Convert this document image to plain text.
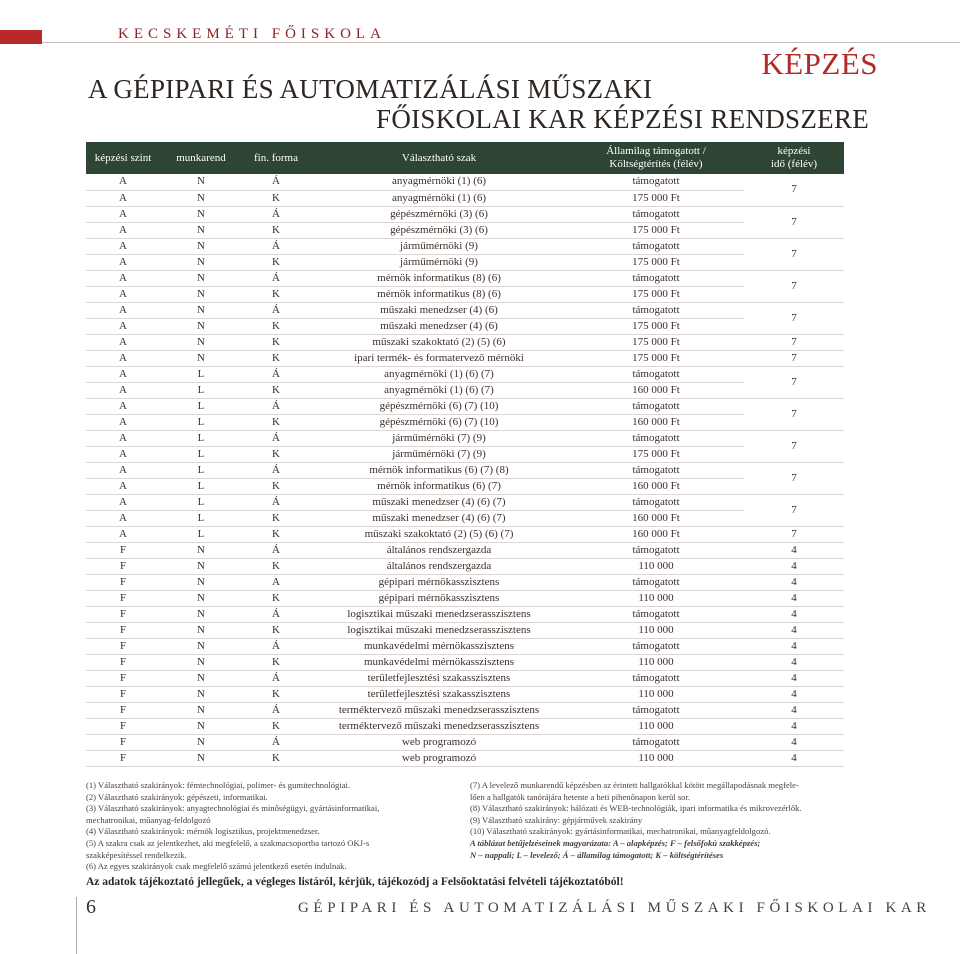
KECSKEMÉTI FŐISKOLA
KÉPZÉS
A GÉPIPARI ÉS AUTOMATIZÁLÁSI MŰSZAKI
FŐISKOLAI KAR KÉPZÉSI RENDSZERE
képzési szint	munkarend	fin. forma	Választható szak	Államilag támogatott /
Költségtérítés (félév)	képzési
idő (félév)
A	N	Á	anyagmérnöki (1) (6)	támogatott	7
A	N	K	anyagmérnöki (1) (6)	175 000 Ft	
A	N	Á	gépészmérnöki (3) (6)	támogatott	7
A	N	K	gépészmérnöki (3) (6)	175 000 Ft	
A	N	Á	járműmérnöki (9)	támogatott	7
A	N	K	járműmérnöki (9)	175 000 Ft	
A	N	Á	mérnök informatikus (8) (6)	támogatott	7
A	N	K	mérnök informatikus (8) (6)	175 000 Ft	
A	N	Á	műszaki menedzser (4) (6)	támogatott	7
A	N	K	műszaki menedzser (4) (6)	175 000 Ft	
A	N	K	műszaki szakoktató (2) (5) (6)	175 000 Ft	7
A	N	K	ipari termék- és formatervező mérnöki	175 000 Ft	7
A	L	Á	anyagmérnöki (1) (6) (7)	támogatott	7
A	L	K	anyagmérnöki (1) (6) (7)	160 000 Ft	
A	L	Á	gépészmérnöki (6) (7) (10)	támogatott	7
A	L	K	gépészmérnöki (6) (7) (10)	160 000 Ft	
A	L	Á	járműmérnöki (7) (9)	támogatott	7
A	L	K	járműmérnöki (7) (9)	175 000 Ft	
A	L	Á	mérnök informatikus (6) (7) (8)	támogatott	7
A	L	K	mérnök informatikus (6) (7)	160 000 Ft	
A	L	Á	műszaki menedzser (4) (6) (7)	támogatott	7
A	L	K	műszaki menedzser (4) (6) (7)	160 000 Ft	
A	L	K	műszaki szakoktató (2) (5) (6) (7)	160 000 Ft	7
F	N	Á	általános rendszergazda	támogatott	4
F	N	K	általános rendszergazda	110 000	4
F	N	A	gépipari mérnökasszisztens	támogatott	4
F	N	K	gépipari mérnökasszisztens	110 000	4
F	N	Á	logisztikai műszaki menedzserasszisztens	támogatott	4
F	N	K	logisztikai műszaki menedzserasszisztens	110 000	4
F	N	Á	munkavédelmi mérnökasszisztens	támogatott	4
F	N	K	munkavédelmi mérnökasszisztens	110 000	4
F	N	Á	területfejlesztési szakasszisztens	támogatott	4
F	N	K	területfejlesztési szakasszisztens	110 000	4
F	N	Á	terméktervező műszaki menedzserasszisztens	támogatott	4
F	N	K	terméktervező műszaki menedzserasszisztens	110 000	4
F	N	Á	web programozó	támogatott	4
F	N	K	web programozó	110 000	4
(1) Választható szakirányok: fémtechnológiai, polimer- és gumitechnológiai.
(2) Választható szakirányok: gépészeti, informatikai.
(3) Választható szakirányok: anyagtechnológiai és minőségügyi, gyártásinformatikai,
mechatronikai, műanyag-feldolgozó
(4) Választható szakirányok: mérnök logisztikus, projektmenedzser.
(5) A szakra csak az jelentkezhet, aki megfelelő, a szakmacsoportba tartozó OKJ-s
szakképesítéssel rendelkezik.
(6) Az egyes szakirányok csak megfelelő számú jelentkező esetén indulnak.
(7) A levelező munkarendű képzésben az érintett hallgatókkal kötött megállapodásnak megfele-
lően a hallgatók tanórájára hetente a heti pihenőnapon kerül sor.
(8) Választható szakirányok: hálózati és WEB-technológiák, ipari informatika és mikrovezérlők.
(9) Választható szakirány: gépjárművek szakirány
(10) Választható szakirányok: gyártásinformatikai, mechatronikai, műanyagfeldolgozó.
A táblázat betűjelzéseinek magyarázata: A – alapképzés; F – felsőfokú szakképzés;
N – nappali; L – levelező; Á – államilag támogatott; K – költségtérítéses
Az adatok tájékoztató jellegűek, a végleges listáról, kérjük, tájékozódj a Felsőoktatási felvételi tájékoztatóból!
6	GÉPIPARI ÉS AUTOMATIZÁLÁSI MŰSZAKI FŐISKOLAI KAR
